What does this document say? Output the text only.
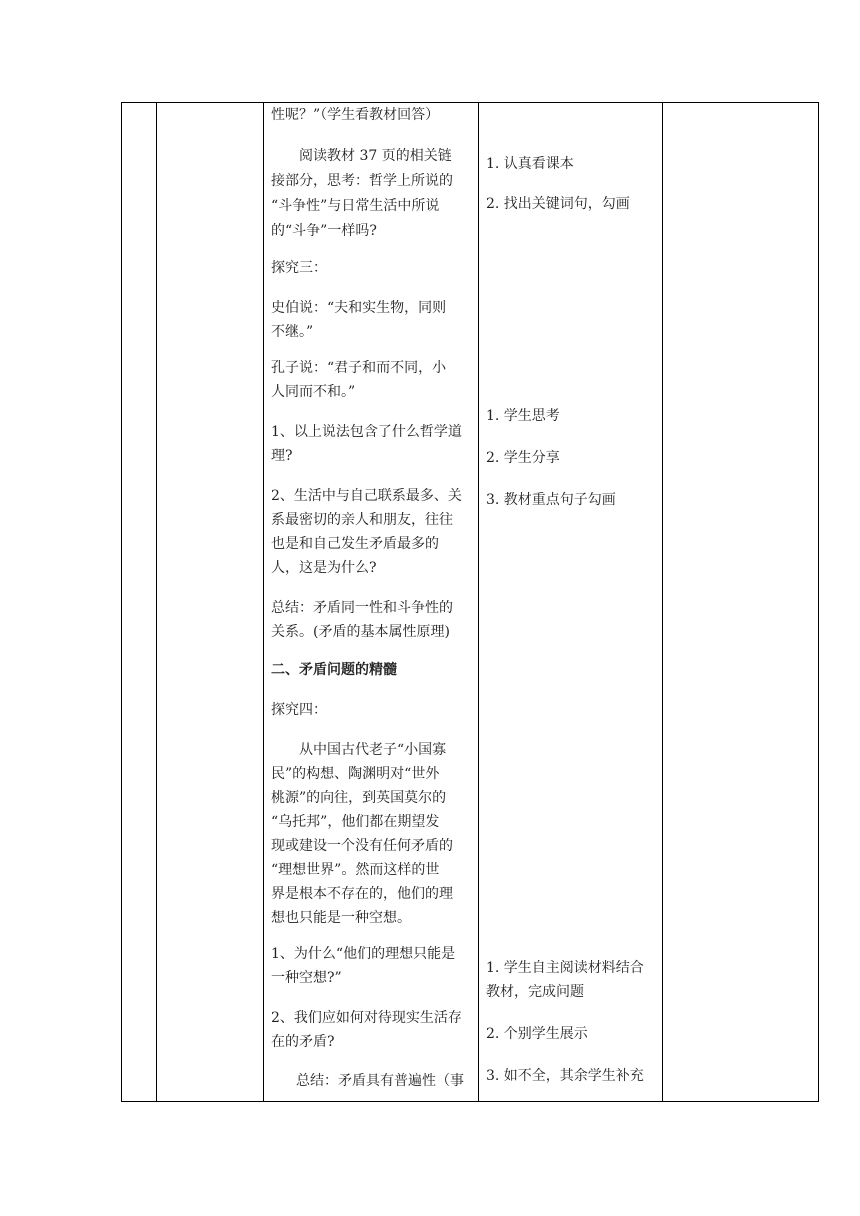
性呢？”（学生看教材回答）

阅读教材 37 页的相关链

接部分，思考：哲学上所说的

“斗争性”与日常生活中所说

的“斗争”一样吗?

探究三：

史伯说：“夫和实生物，同则

不继。”

孔子说：“君子和而不同，小

人同而不和。”

1、以上说法包含了什么哲学道

理?

2、生活中与自己联系最多、关

系最密切的亲人和朋友，往往

也是和自己发生矛盾最多的

人，这是为什么?

总结：矛盾同一性和斗争性的

关系。(矛盾的基本属性原理)

二、矛盾问题的精髓

探究四：

从中国古代老子“小国寡

民”的构想、陶渊明对“世外

桃源”的向往，到英国莫尔的

“乌托邦”，他们都在期望发

现或建设一个没有任何矛盾的

“理想世界”。然而这样的世

界是根本不存在的，他们的理

想也只能是一种空想。

1、为什么“他们的理想只能是

一种空想?”

2、我们应如何对待现实生活存

在的矛盾?

总结：矛盾具有普遍性（事

1. 认真看课本

2. 找出关键词句，勾画

1. 学生思考

2. 学生分享

3. 教材重点句子勾画

1. 学生自主阅读材料结合

教材，完成问题

2. 个别学生展示

3. 如不全，其余学生补充
